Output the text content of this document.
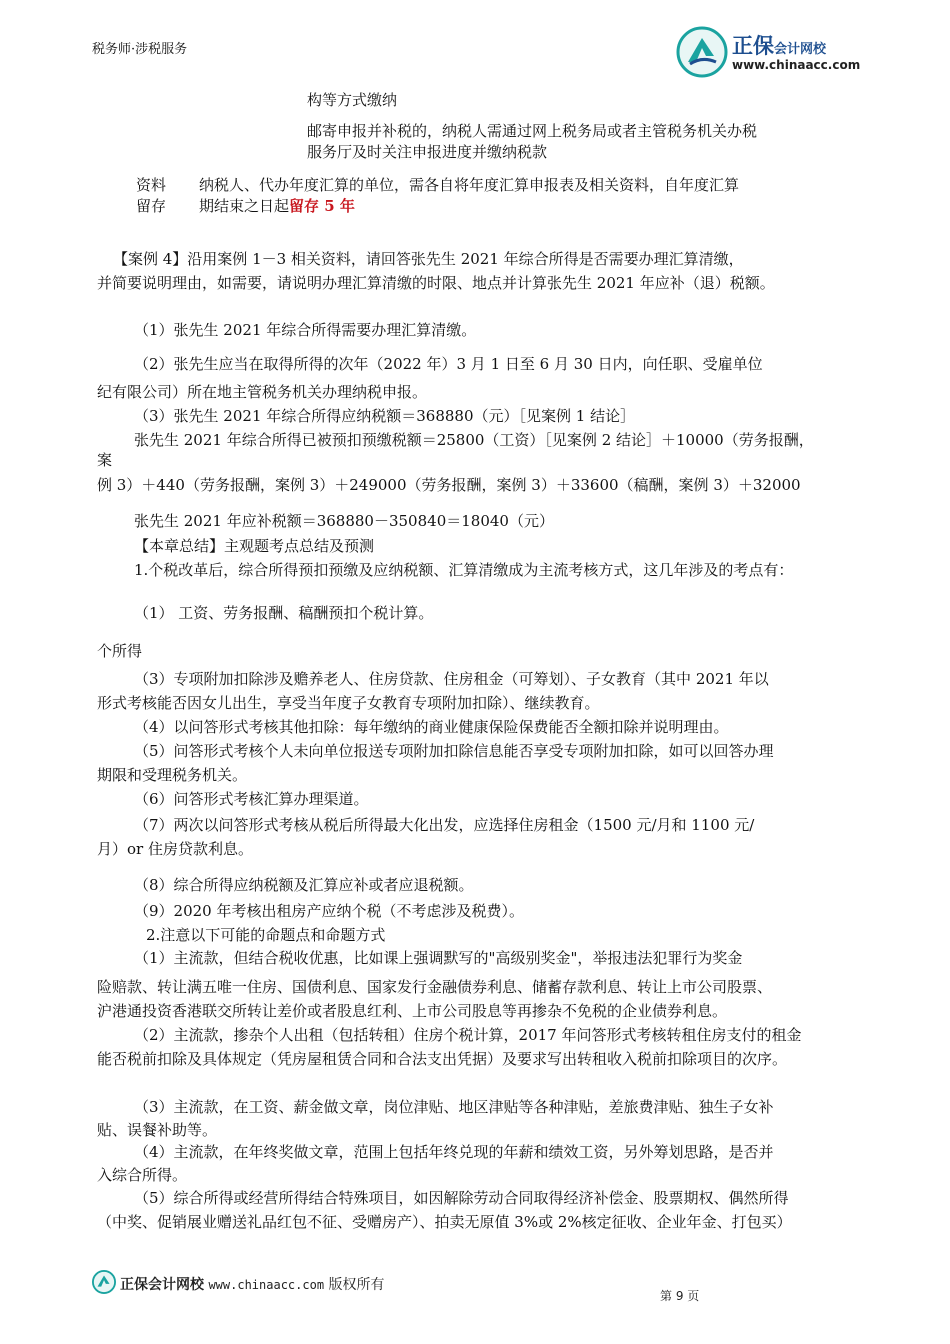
税务师·涉税服务	正保会计网校
www.chinaacc.com
构等方式缴纳
邮寄申报并补税的，纳税人需通过网上税务局或者主管税务机关办税
服务厅及时关注申报进度并缴纳税款
资料 纳税人、代办年度汇算的单位，需各自将年度汇算申报表及相关资料，自年度汇算
留存 期结束之日起留存 5 年
【案例 4】沿用案例 1－3 相关资料，请回答张先生 2021 年综合所得是否需要办理汇算清缴，
并简要说明理由，如需要，请说明办理汇算清缴的时限、地点并计算张先生 2021 年应补（退）税额。
（1）张先生 2021 年综合所得需要办理汇算清缴。
（2）张先生应当在取得所得的次年（2022 年）3 月 1 日至 6 月 30 日内，向任职、受雇单位
纪有限公司）所在地主管税务机关办理纳税申报。
（3）张先生 2021 年综合所得应纳税额＝368880（元）［见案例 1 结论］
张先生 2021 年综合所得已被预扣预缴税额＝25800（工资）［见案例 2 结论］＋10000（劳务报酬，
案
例 3）＋440（劳务报酬，案例 3）＋249000（劳务报酬，案例 3）＋33600（稿酬，案例 3）＋32000
张先生 2021 年应补税额＝368880－350840＝18040（元）
【本章总结】主观题考点总结及预测
1.个税改革后，综合所得预扣预缴及应纳税额、汇算清缴成为主流考核方式，这几年涉及的考点有：
（1） 工资、劳务报酬、稿酬预扣个税计算。
个所得
（3）专项附加扣除涉及赡养老人、住房贷款、住房租金（可筹划）、子女教育（其中 2021 年以
形式考核能否因女儿出生，享受当年度子女教育专项附加扣除）、继续教育。
（4）以问答形式考核其他扣除：每年缴纳的商业健康保险保费能否全额扣除并说明理由。
（5）问答形式考核个人未向单位报送专项附加扣除信息能否享受专项附加扣除，如可以回答办理
期限和受理税务机关。
（6）问答形式考核汇算办理渠道。
（7）两次以问答形式考核从税后所得最大化出发，应选择住房租金（1500 元/月和 1100 元/
月）or 住房贷款利息。
（8）综合所得应纳税额及汇算应补或者应退税额。
（9）2020 年考核出租房产应纳个税（不考虑涉及税费）。
2.注意以下可能的命题点和命题方式
（1）主流款，但结合税收优惠，比如课上强调默写的"高级别奖金"，举报违法犯罪行为奖金
险赔款、转让满五唯一住房、国债利息、国家发行金融债券利息、储蓄存款利息、转让上市公司股票、
沪港通投资香港联交所转让差价或者股息红利、上市公司股息等再掺杂不免税的企业债券利息。
（2）主流款，掺杂个人出租（包括转租）住房个税计算，2017 年问答形式考核转租住房支付的租金
能否税前扣除及具体规定（凭房屋租赁合同和合法支出凭据）及要求写出转租收入税前扣除项目的次序。
（3）主流款，在工资、薪金做文章，岗位津贴、地区津贴等各种津贴，差旅费津贴、独生子女补
贴、误餐补助等。
（4）主流款，在年终奖做文章，范围上包括年终兑现的年薪和绩效工资，另外筹划思路，是否并
入综合所得。
（5）综合所得或经营所得结合特殊项目，如因解除劳动合同取得经济补偿金、股票期权、偶然所得
（中奖、促销展业赠送礼品红包不征、受赠房产）、拍卖无原值 3%或 2%核定征收、企业年金、打包买）
正保会计网校 www.chinaacc.com 版权所有
第 9 页
